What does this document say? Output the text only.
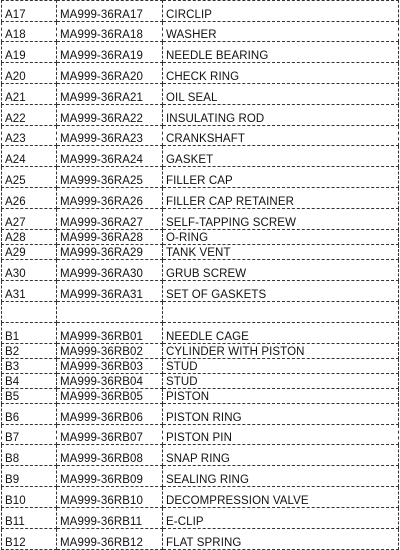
A17	MA999-36RA17	CIRCLIP
A18	MA999-36RA18	WASHER
A19	MA999-36RA19	NEEDLE BEARING
A20	MA999-36RA20	CHECK RING
A21	MA999-36RA21	OIL SEAL
A22	MA999-36RA22	INSULATING ROD
A23	MA999-36RA23	CRANKSHAFT
A24	MA999-36RA24	GASKET
A25	MA999-36RA25	FILLER CAP
A26	MA999-36RA26	FILLER CAP RETAINER
A27	MA999-36RA27	SELF-TAPPING SCREW
A28	MA999-36RA28	O-RING
A29	MA999-36RA29	TANK VENT
A30	MA999-36RA30	GRUB SCREW
A31	MA999-36RA31	SET OF GASKETS

B1	MA999-36RB01	NEEDLE CAGE
B2	MA999-36RB02	CYLINDER WITH PISTON
B3	MA999-36RB03	STUD
B4	MA999-36RB04	STUD
B5	MA999-36RB05	PISTON
B6	MA999-36RB06	PISTON RING
B7	MA999-36RB07	PISTON PIN
B8	MA999-36RB08	SNAP RING
B9	MA999-36RB09	SEALING RING
B10	MA999-36RB10	DECOMPRESSION VALVE
B11	MA999-36RB11	E-CLIP
B12	MA999-36RB12	FLAT SPRING
